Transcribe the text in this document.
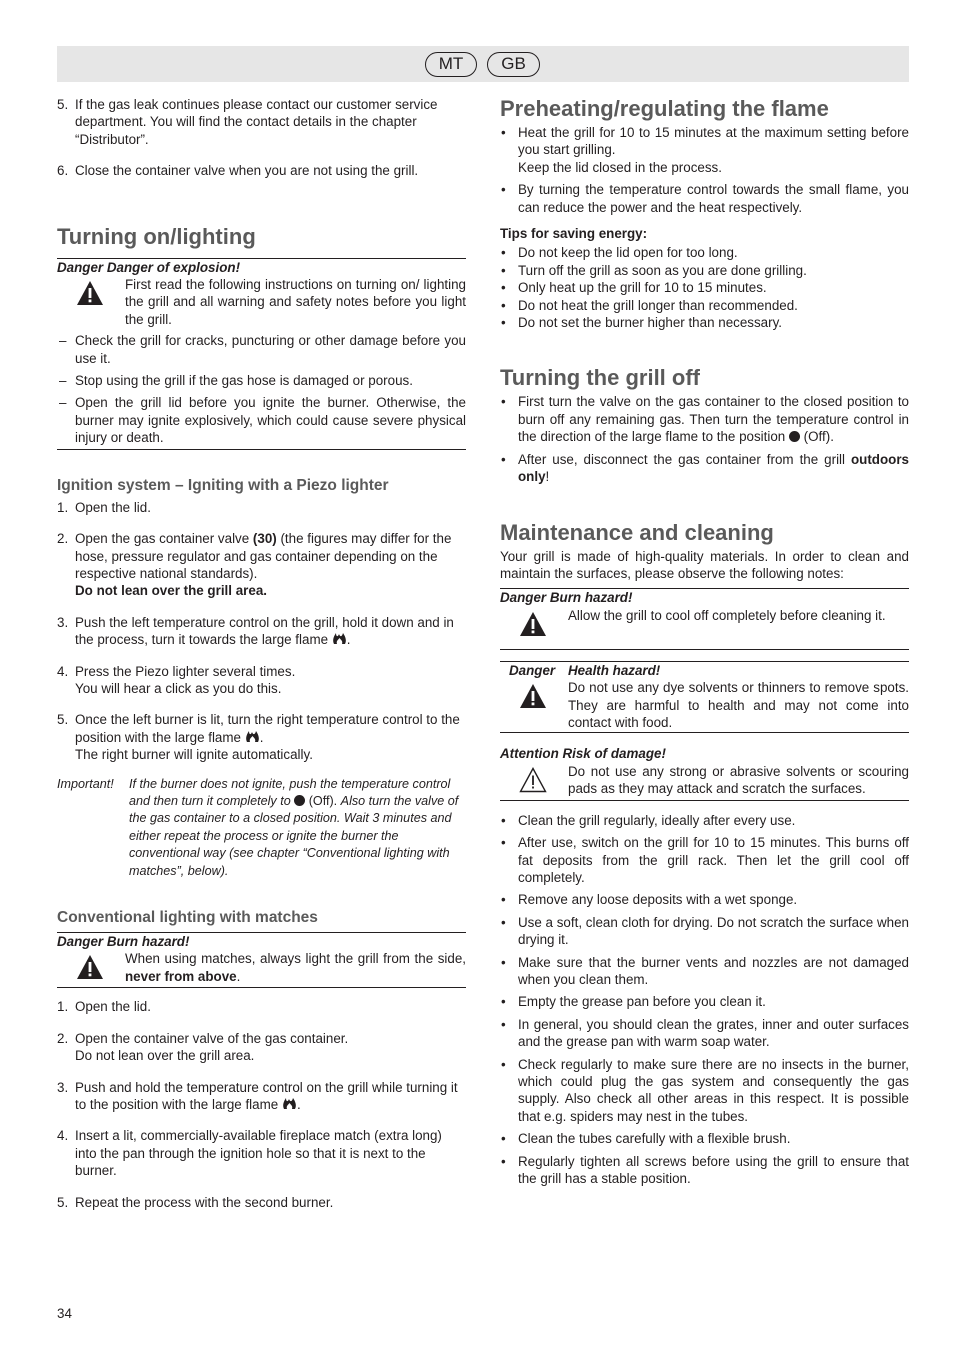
MT	GB
5. If the gas leak continues please contact our customer service department. You will find the contact details in the chapter “Distributor”.
6. Close the container valve when you are not using the grill.
Turning on/lighting
Danger Danger of explosion!
First read the following instructions on turning on/ lighting the grill and all warning and safety notes before you light the grill.
– Check the grill for cracks, puncturing or other damage before you use it.
– Stop using the grill if the gas hose is damaged or porous.
– Open the grill lid before you ignite the burner. Otherwise, the burner may ignite explosively, which could cause severe physical injury or death.
Ignition system – Igniting with a Piezo lighter
1. Open the lid.
2. Open the gas container valve (30) (the figures may differ for the hose, pressure regulator and gas container depending on the respective national standards).
Do not lean over the grill area.
3. Push the left temperature control on the grill, hold it down and in the process, turn it towards the large flame .
4. Press the Piezo lighter several times.
You will hear a click as you do this.
5. Once the left burner is lit, turn the right temperature control to the position with the large flame .
The right burner will ignite automatically.
Important! If the burner does not ignite, push the temperature control and then turn it completely to  (Off). Also turn the valve of the gas container to a closed position. Wait 3 minutes and either repeat the process or ignite the burner the conventional way (see chapter “Conventional lighting with matches”, below).
Conventional lighting with matches
Danger Burn hazard!
When using matches, always light the grill from the side, never from above.
1. Open the lid.
2. Open the container valve of the gas container.
Do not lean over the grill area.
3. Push and hold the temperature control on the grill while turning it to the position with the large flame .
4. Insert a lit, commercially-available fireplace match (extra long) into the pan through the ignition hole so that it is next to the burner.
5. Repeat the process with the second burner.
Preheating/regulating the flame
• Heat the grill for 10 to 15 minutes at the maximum setting before you start grilling.
Keep the lid closed in the process.
• By turning the temperature control towards the small flame, you can reduce the power and the heat respectively.
Tips for saving energy:
• Do not keep the lid open for too long.
• Turn off the grill as soon as you are done grilling.
• Only heat up the grill for 10 to 15 minutes.
• Do not heat the grill longer than recommended.
• Do not set the burner higher than necessary.
Turning the grill off
• First turn the valve on the gas container to the closed position to burn off any remaining gas. Then turn the temperature control in the direction of the large flame to the position  (Off).
• After use, disconnect the gas container from the grill outdoors only!
Maintenance and cleaning
Your grill is made of high-quality materials. In order to clean and maintain the surfaces, please observe the following notes:
Danger Burn hazard!
Allow the grill to cool off completely before cleaning it.
Danger Health hazard!
Do not use any dye solvents or thinners to remove spots. They are harmful to health and may not come into contact with food.
Attention Risk of damage!
Do not use any strong or abrasive solvents or scouring pads as they may attack and scratch the surfaces.
• Clean the grill regularly, ideally after every use.
• After use, switch on the grill for 10 to 15 minutes. This burns off fat deposits from the grill rack. Then let the grill cool off completely.
• Remove any loose deposits with a wet sponge.
• Use a soft, clean cloth for drying. Do not scratch the surface when drying it.
• Make sure that the burner vents and nozzles are not damaged when you clean them.
• Empty the grease pan before you clean it.
• In general, you should clean the grates, inner and outer surfaces and the grease pan with warm soap water.
• Check regularly to make sure there are no insects in the burner, which could plug the gas system and consequently the gas supply. Also check all other areas in this respect. It is possible that e.g. spiders may nest in the tubes.
• Clean the tubes carefully with a flexible brush.
• Regularly tighten all screws before using the grill to ensure that the grill has a stable position.
34
